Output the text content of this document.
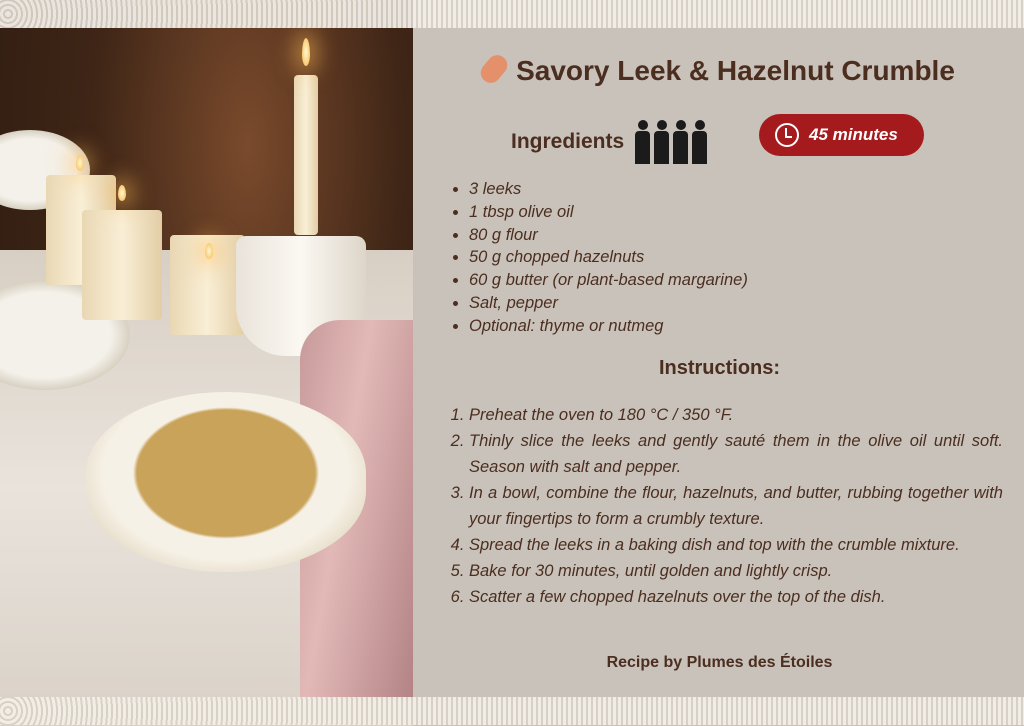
Savory Leek & Hazelnut Crumble
Ingredients	45 minutes
• 3 leeks
• 1 tbsp olive oil
• 80 g flour
• 50 g chopped hazelnuts
• 60 g butter (or plant-based margarine)
• Salt, pepper
• Optional: thyme or nutmeg
Instructions:
1. Preheat the oven to 180 °C / 350 °F.
2. Thinly slice the leeks and gently sauté them in the olive oil until soft. Season with salt and pepper.
3. In a bowl, combine the flour, hazelnuts, and butter, rubbing together with your fingertips to form a crumbly texture.
4. Spread the leeks in a baking dish and top with the crumble mixture.
5. Bake for 30 minutes, until golden and lightly crisp.
6. Scatter a few chopped hazelnuts over the top of the dish.
Recipe by Plumes des Étoiles
